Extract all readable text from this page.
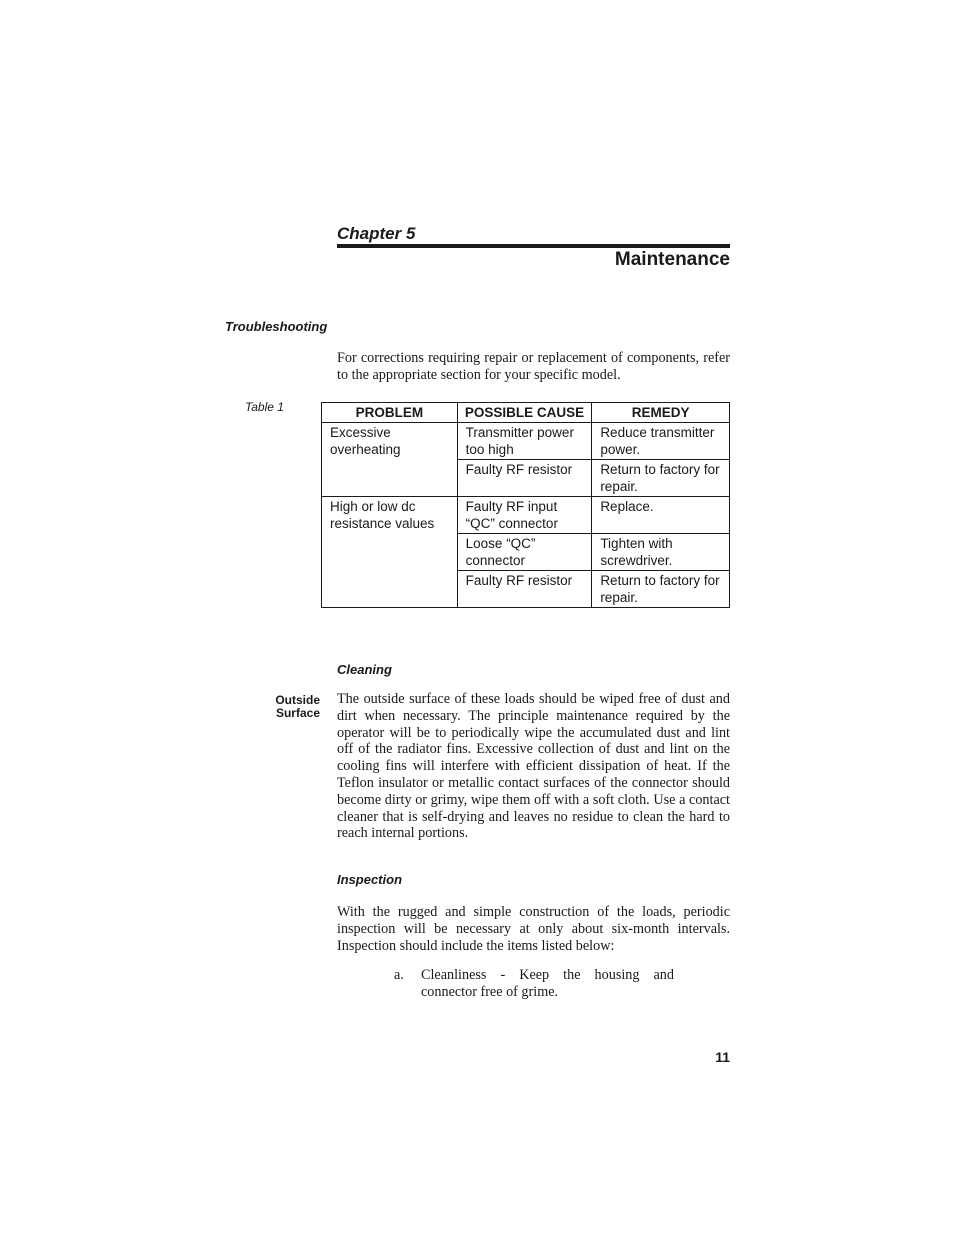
Chapter 5
Maintenance
Troubleshooting
For corrections requiring repair or replacement of components, refer to the appropriate section for your specific model.
Table 1	PROBLEM	POSSIBLE CAUSE	REMEDY
Excessive overheating	Transmitter power too high	Reduce transmitter power.
	Faulty RF resistor	Return to factory for repair.
High or low dc resistance values	Faulty RF input “QC” connector	Replace.
	Loose “QC” connector	Tighten with screwdriver.
	Faulty RF resistor	Return to factory for repair.
Cleaning
Outside
Surface
The outside surface of these loads should be wiped free of dust and dirt when necessary. The principle maintenance required by the operator will be to periodically wipe the accumulated dust and lint off of the radiator fins. Excessive collection of dust and lint on the cooling fins will interfere with efficient dissipation of heat. If the Teflon insulator or metallic contact surfaces of the connector should become dirty or grimy, wipe them off with a soft cloth. Use a contact cleaner that is self-drying and leaves no residue to clean the hard to reach internal portions.
Inspection
With the rugged and simple construction of the loads, periodic inspection will be necessary at only about six-month intervals. Inspection should include the items listed below:
a. Cleanliness - Keep the housing and connector free of grime.
11
